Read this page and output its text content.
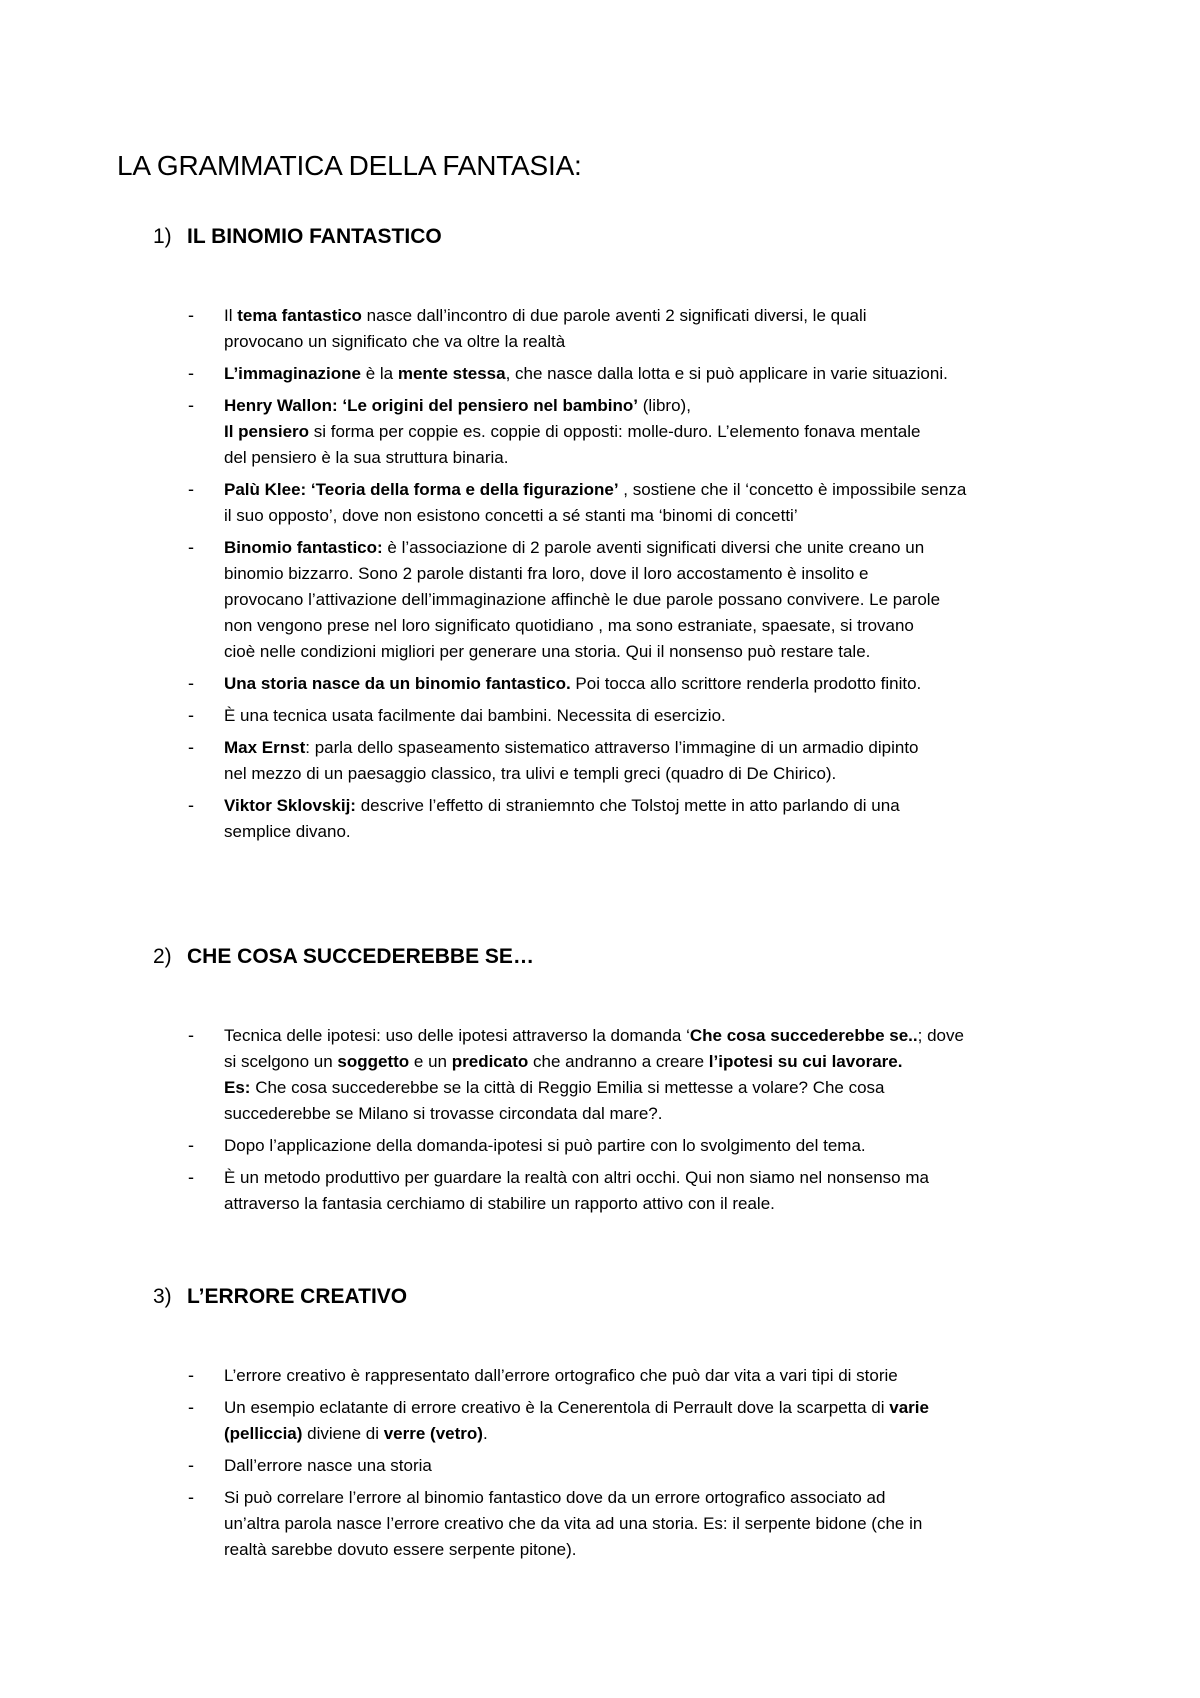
LA GRAMMATICA DELLA FANTASIA:
1) IL BINOMIO FANTASTICO
- Il tema fantastico nasce dall’incontro di due parole aventi 2 significati diversi, le quali
provocano un significato che va oltre la realtà
- L’immaginazione è la mente stessa, che nasce dalla lotta e si può applicare in varie situazioni.
- Henry Wallon: ‘Le origini del pensiero nel bambino’ (libro),
Il pensiero si forma per coppie es. coppie di opposti: molle-duro. L’elemento fonava mentale
del pensiero è la sua struttura binaria.
- Palù Klee: ‘Teoria della forma e della figurazione’ , sostiene che il ‘concetto è impossibile senza
il suo opposto’, dove non esistono concetti a sé stanti ma ‘binomi di concetti’
- Binomio fantastico: è l’associazione di 2 parole aventi significati diversi che unite creano un
binomio bizzarro. Sono 2 parole distanti fra loro, dove il loro accostamento è insolito e
provocano l’attivazione dell’immaginazione affinchè le due parole possano convivere. Le parole
non vengono prese nel loro significato quotidiano , ma sono estraniate, spaesate, si trovano
cioè nelle condizioni migliori per generare una storia. Qui il nonsenso può restare tale.
- Una storia nasce da un binomio fantastico. Poi tocca allo scrittore renderla prodotto finito.
- È una tecnica usata facilmente dai bambini. Necessita di esercizio.
- Max Ernst: parla dello spaseamento sistematico attraverso l’immagine di un armadio dipinto
nel mezzo di un paesaggio classico, tra ulivi e templi greci (quadro di De Chirico).
- Viktor Sklovskij: descrive l’effetto di straniemnto che Tolstoj mette in atto parlando di una
semplice divano.
2) CHE COSA SUCCEDEREBBE SE…
- Tecnica delle ipotesi: uso delle ipotesi attraverso la domanda ‘Che cosa succederebbe se..; dove
si scelgono un soggetto e un predicato che andranno a creare l’ipotesi su cui lavorare.
Es: Che cosa succederebbe se la città di Reggio Emilia si mettesse a volare? Che cosa
succederebbe se Milano si trovasse circondata dal mare?.
- Dopo l’applicazione della domanda-ipotesi si può partire con lo svolgimento del tema.
- È un metodo produttivo per guardare la realtà con altri occhi. Qui non siamo nel nonsenso ma
attraverso la fantasia cerchiamo di stabilire un rapporto attivo con il reale.
3) L’ERRORE CREATIVO
- L’errore creativo è rappresentato dall’errore ortografico che può dar vita a vari tipi di storie
- Un esempio eclatante di errore creativo è la Cenerentola di Perrault dove la scarpetta di varie
(pelliccia) diviene di verre (vetro).
- Dall’errore nasce una storia
- Si può correlare l’errore al binomio fantastico dove da un errore ortografico associato ad
un’altra parola nasce l’errore creativo che da vita ad una storia. Es: il serpente bidone (che in
realtà sarebbe dovuto essere serpente pitone).
